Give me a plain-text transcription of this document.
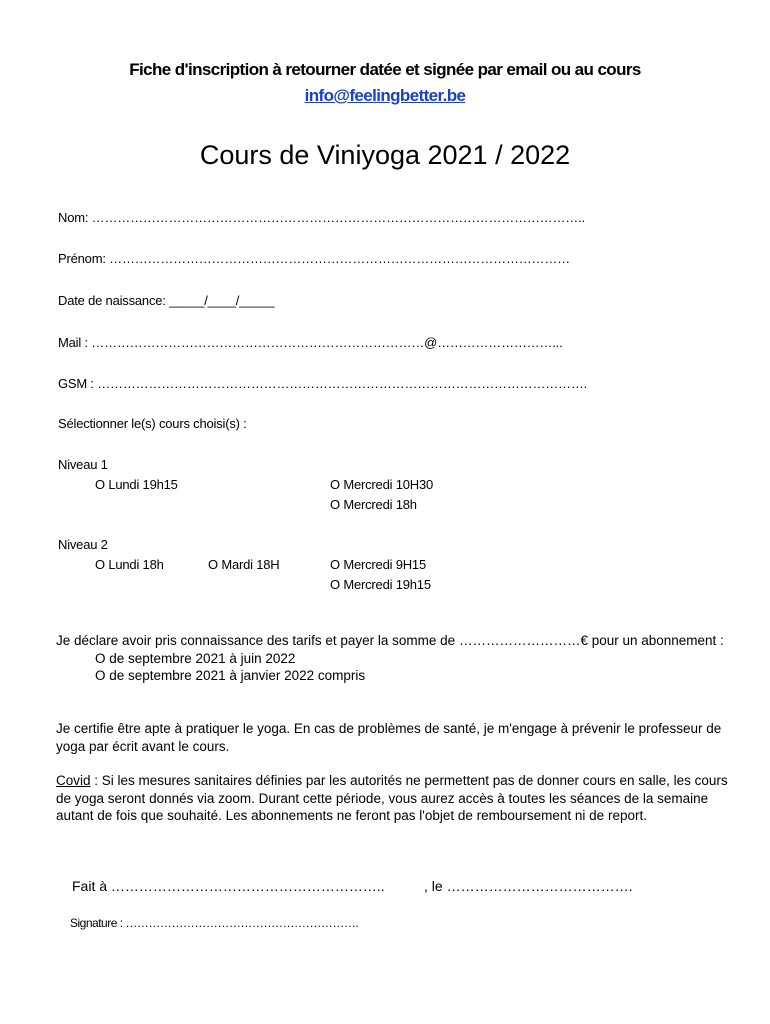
Fiche d'inscription à retourner datée et signée par email ou au cours
info@feelingbetter.be
Cours de Viniyoga 2021 / 2022
Nom: ……………………………………………………………………………………………………..
Prénom: ………………………………………………………………………………………………
Date de naissance: _____/____/_____
Mail : ……………………………………………………………………@………………………...
GSM : …………………………………………………………………………………………………….
Sélectionner le(s) cours choisi(s) :
Niveau 1
O Lundi 19h15	O Mercredi 10H30
O Mercredi 18h
Niveau 2
O Lundi 18h	O Mardi 18H	O Mercredi 9H15
O Mercredi 19h15
Je déclare avoir pris connaissance des tarifs et payer la somme de ………………………€ pour un abonnement :
O de septembre 2021 à juin 2022
O de septembre 2021 à janvier 2022 compris
Je certifie être apte à pratiquer le yoga. En cas de problèmes de santé, je m'engage à prévenir le professeur de
yoga par écrit avant le cours.
Covid : Si les mesures sanitaires définies par les autorités ne permettent pas de donner cours en salle, les cours
de yoga seront donnés via zoom. Durant cette période, vous aurez accès à toutes les séances de la semaine
autant de fois que souhaité. Les abonnements ne feront pas l'objet de remboursement ni de report.
Fait à …………………………………………………..	, le ………………………………….
Signature : …………………………………………………….
